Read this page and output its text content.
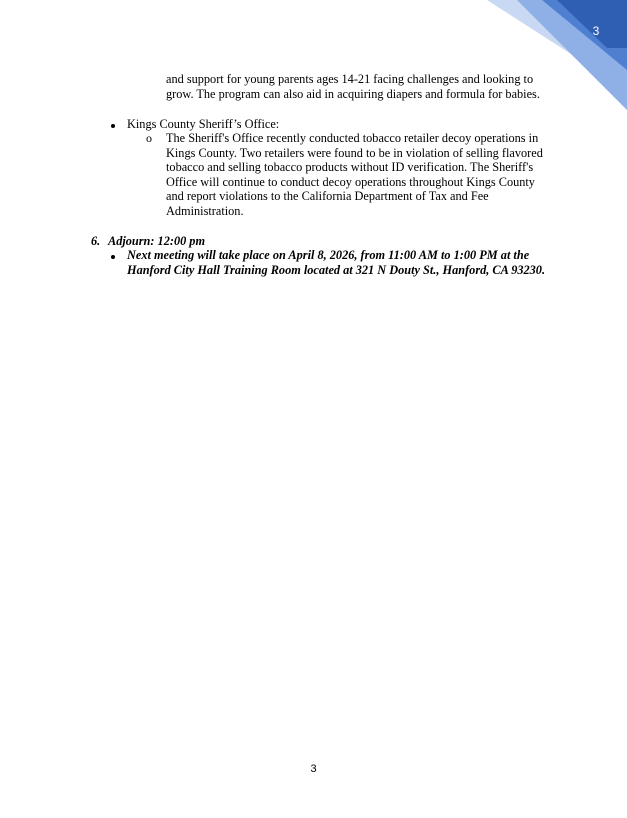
3
and support for young parents ages 14-21 facing challenges and looking to
grow. The program can also aid in acquiring diapers and formula for babies.
Kings County Sheriff’s Office:
o The Sheriff's Office recently conducted tobacco retailer decoy operations in
Kings County. Two retailers were found to be in violation of selling flavored
tobacco and selling tobacco products without ID verification. The Sheriff's
Office will continue to conduct decoy operations throughout Kings County
and report violations to the California Department of Tax and Fee
Administration.
6. Adjourn: 12:00 pm
Next meeting will take place on April 8, 2026, from 11:00 AM to 1:00 PM at the
Hanford City Hall Training Room located at 321 N Douty St., Hanford, CA 93230.
3
